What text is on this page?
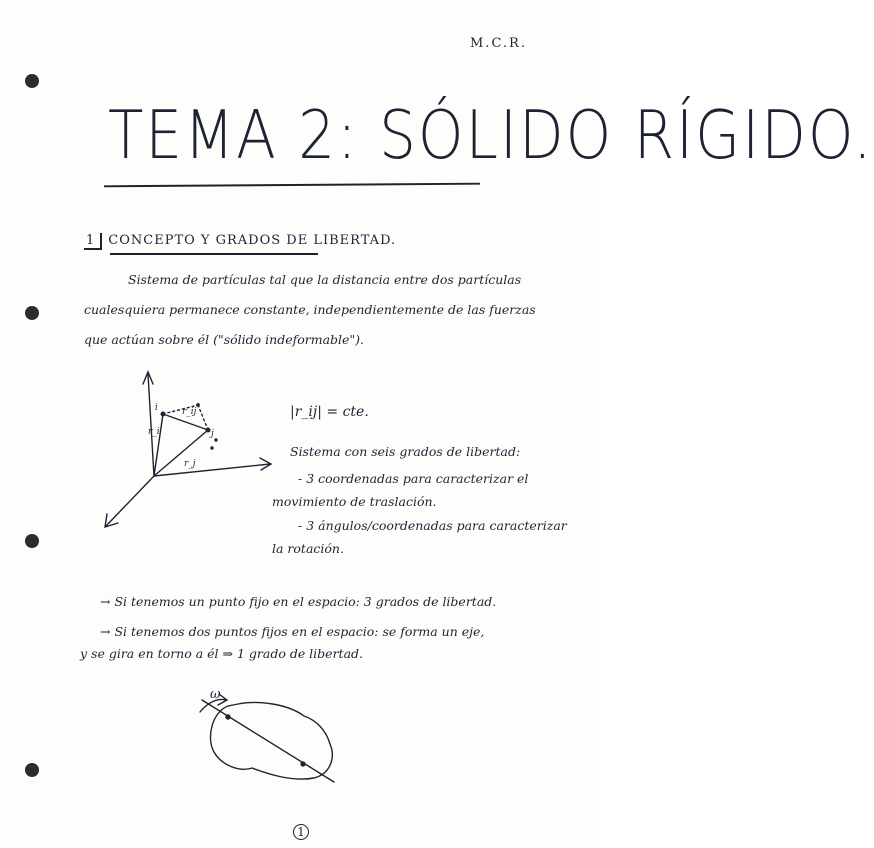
M.C.R.
TEMA 2: SÓLIDO RÍGIDO.
1 CONCEPTO Y GRADOS DE LIBERTAD.
Sistema de partículas tal que la distancia entre dos partículas
cualesquiera permanece constante, independientemente de las fuerzas
que actúan sobre él ("sólido indeformable").
r_i
r_j
r_ij
i
j
ω
|r_ij| = cte.
Sistema con seis grados de libertad:
- 3 coordenadas para caracterizar el
movimiento de traslación.
- 3 ángulos/coordenadas para caracterizar
la rotación.
→ Si tenemos un punto fijo en el espacio: 3 grados de libertad.
→ Si tenemos dos puntos fijos en el espacio: se forma un eje,
y se gira en torno a él ⇒ 1 grado de libertad.
1
